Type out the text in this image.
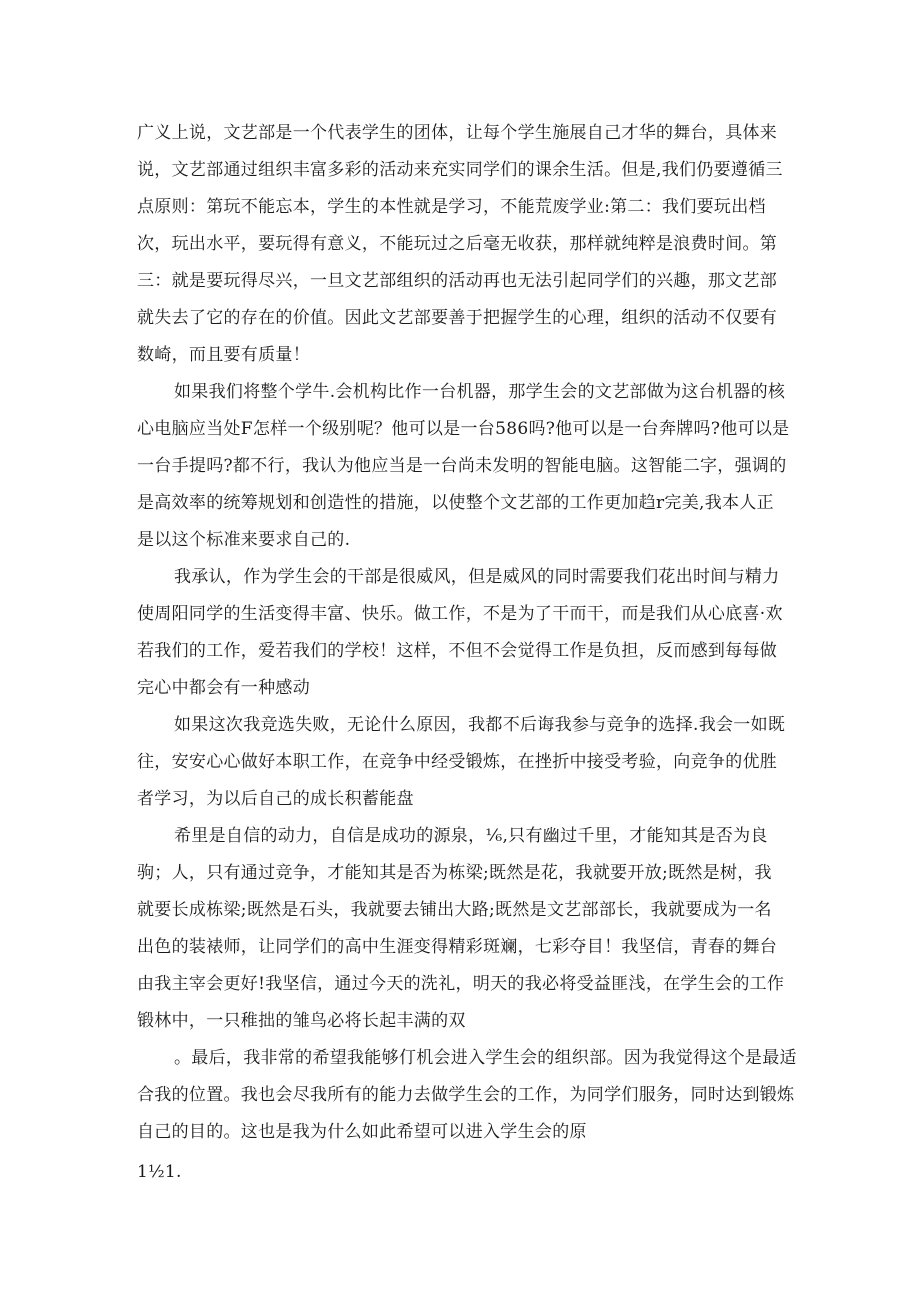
广义上说，文艺部是一个代表学生的团体，让每个学生施展自己才华的舞台，具体来
说，文艺部通过组织丰富多彩的活动来充实同学们的课余生活。但是,我们仍要遵循三
点原则：第玩不能忘本，学生的本性就是学习，不能荒废学业:第二：我们要玩出档
次，玩出水平，要玩得有意义，不能玩过之后毫无收获，那样就纯粹是浪费时间。第
三：就是要玩得尽兴，一旦文艺部组织的活动再也无法引起同学们的兴趣，那文艺部
就失去了它的存在的价值。因此文艺部要善于把握学生的心理，组织的活动不仅要有
数崎，而且要有质量！
如果我们将整个学牛.会机构比作一台机器，那学生会的文艺部做为这台机器的核
心电脑应当处F怎样一个级别呢？他可以是一台586吗?他可以是一台奔牌吗?他可以是
一台手提吗?都不行，我认为他应当是一台尚未发明的智能电脑。这智能二字，强调的
是高效率的统筹规划和创造性的措施，以使整个文艺部的工作更加趋r完美,我本人正
是以这个标准来要求自己的.
我承认，作为学生会的干部是很威风，但是威风的同时需要我们花出时间与精力
使周阳同学的生活变得丰富、快乐。做工作，不是为了干而干，而是我们从心底喜·欢
若我们的工作，爱若我们的学校！这样，不但不会觉得工作是负担，反而感到每每做
完心中都会有一种感动
如果这次我竞选失败，无论什么原因，我都不后诲我参与竞争的选择.我会一如既
往，安安心心做好本职工作，在竞争中经受锻炼，在挫折中接受考验，向竞争的优胜
者学习，为以后自己的成长积蓄能盘
希里是自信的动力，自信是成功的源泉，⅟₆,只有幽过千里，才能知其是否为良
驹；人，只有通过竞争，才能知其是否为栋梁;既然是花，我就要开放;既然是树，我
就要长成栋梁;既然是石头，我就要去铺出大路;既然是文艺部部长，我就要成为一名
出色的装裱师，让同学们的高中生涯变得精彩斑斓，七彩夺目！我坚信，青春的舞台
由我主宰会更好!我坚信，通过今天的洗礼，明天的我必将受益匪浅，在学生会的工作
锻林中，一只稚拙的雏鸟必将长起丰满的双
。最后，我非常的希望我能够仃机会进入学生会的组织部。因为我觉得这个是最适
合我的位置。我也会尽我所有的能力去做学生会的工作，为同学们服务，同时达到锻炼
自己的目的。这也是我为什么如此希望可以进入学生会的原
1½1.
